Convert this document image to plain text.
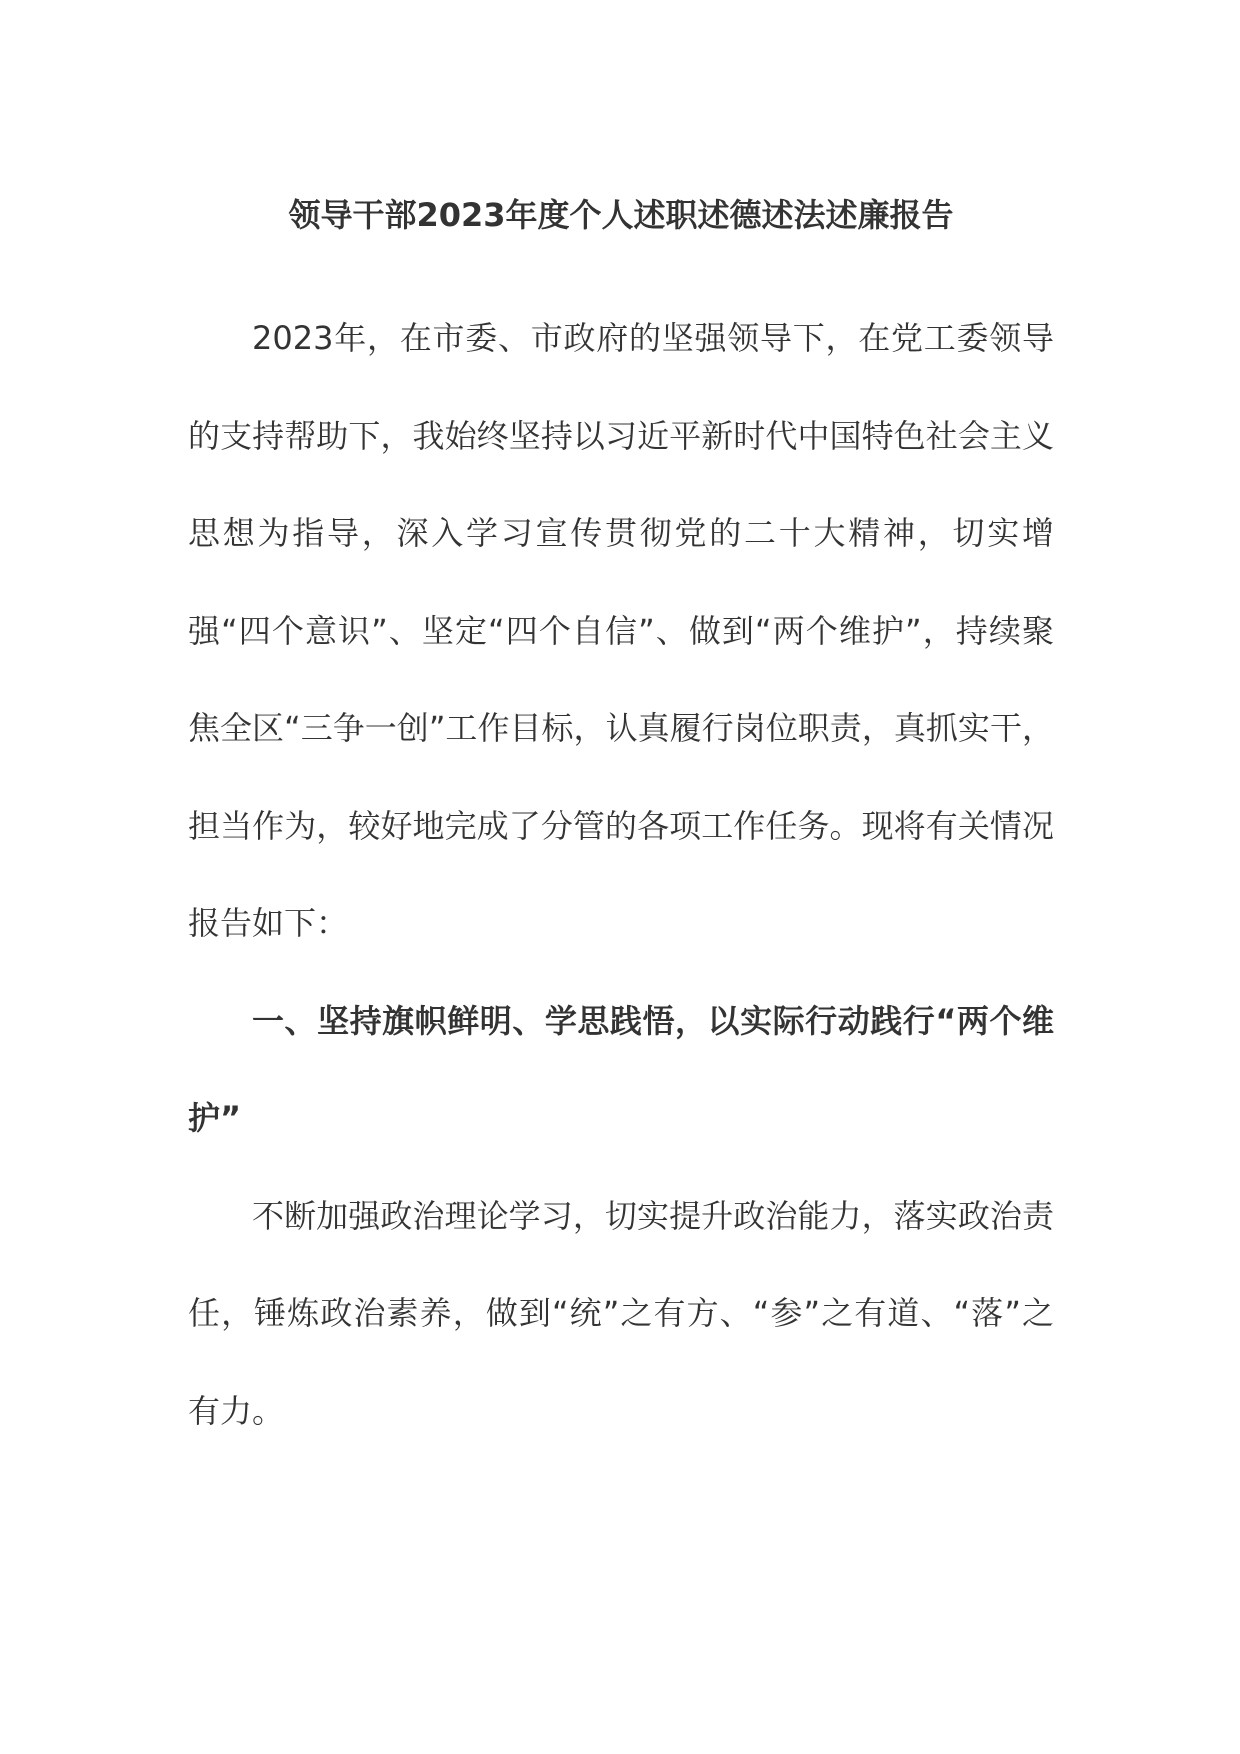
领导干部2023年度个人述职述德述法述廉报告

2023年，在市委、市政府的坚强领导下，在党工委领导的支持帮助下，我始终坚持以习近平新时代中国特色社会主义思想为指导，深入学习宣传贯彻党的二十大精神，切实增强“四个意识”、坚定“四个自信”、做到“两个维护”，持续聚焦全区“三争一创”工作目标，认真履行岗位职责，真抓实干，担当作为，较好地完成了分管的各项工作任务。现将有关情况报告如下：

一、坚持旗帜鲜明、学思践悟，以实际行动践行“两个维护”

不断加强政治理论学习，切实提升政治能力，落实政治责任，锤炼政治素养，做到“统”之有方、“参”之有道、“落”之有力。
